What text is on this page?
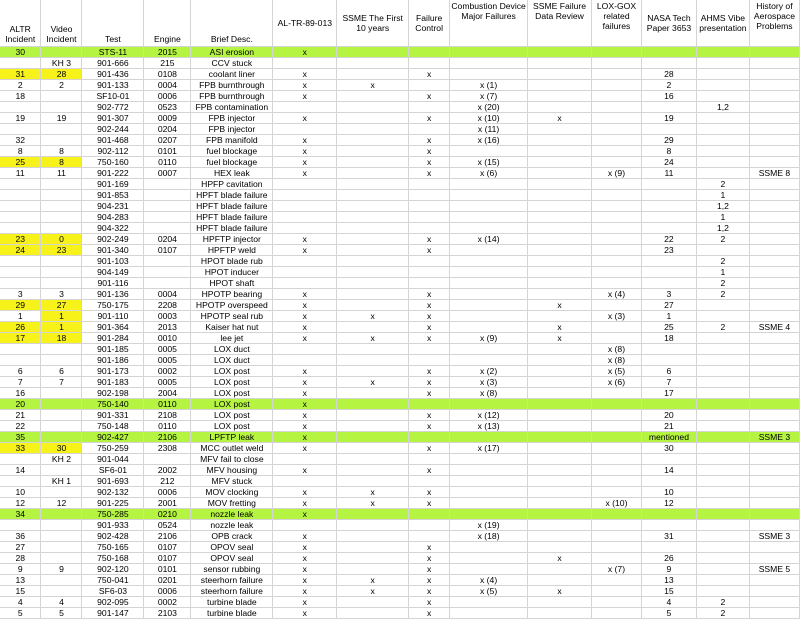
ALTR Incident	Video Incident	Test	Engine	Brief Desc.	AL-TR-89-013	SSME The First 10 years	Failure Control	Combustion Device Major Failures	SSME Failure Data Review	LOX-GOX related failures	NASA Tech Paper 3653	AHMS Vibe presentation	History of Aerospace Problems
30		STS-11	2015	ASI erosion	x								
	KH 3	901-666	215	CCV stuck									
31	28	901-436	0108	coolant liner	x		x				28		
2	2	901-133	0004	FPB burnthrough	x	x		x (1)			2		
18		SF10-01	0006	FPB burnthrough	x		x	x (7)			16		
		902-772	0523	FPB contamination				x (20)				1,2	
19	19	901-307	0009	FPB injector	x		x	x (10)	x		19		
		902-244	0204	FPB injector				x (11)					
32		901-468	0207	FPB manifold	x		x	x (16)			29		
8	8	902-112	0101	fuel blockage	x		x				8		
25	8	750-160	0110	fuel blockage	x		x	x (15)			24		
11	11	901-222	0007	HEX leak	x		x	x (6)		x (9)	11		SSME 8
		901-169		HPFP cavitation								2	
		901-853		HPFT blade failure								1	
		904-231		HPFT blade failure								1,2	
		904-283		HPFT blade failure								1	
		904-322		HPFT blade failure								1,2	
23	0	902-249	0204	HPFTP injector	x		x	x (14)			22	2	
24	23	901-340	0107	HPFTP weld	x		x				23		
		901-103		HPOT blade rub								2	
		904-149		HPOT inducer								1	
		901-116		HPOT shaft								2	
3	3	901-136	0004	HPOTP bearing	x		x			x (4)	3	2	
29	27	750-175	2208	HPOTP overspeed	x		x		x		27		
1	1	901-110	0003	HPOTP seal rub	x	x	x			x (3)	1		
26	1	901-364	2013	Kaiser hat nut	x		x		x		25	2	SSME 4
17	18	901-284	0010	lee jet	x	x	x	x (9)	x		18		
		901-185	0005	LOX duct						x (8)			
		901-186	0005	LOX duct						x (8)			
6	6	901-173	0002	LOX post	x		x	x (2)		x (5)	6		
7	7	901-183	0005	LOX post	x	x	x	x (3)		x (6)	7		
16		902-198	2004	LOX post	x		x	x (8)			17		
20		750-140	0110	LOX post	x								
21		901-331	2108	LOX post	x		x	x (12)			20		
22		750-148	0110	LOX post	x		x	x (13)			21		
35		902-427	2106	LPFTP leak	x						mentioned		SSME 3
33	30	750-259	2308	MCC outlet weld	x		x	x (17)			30		
	KH 2	901-044		MFV fail to close									
14		SF6-01	2002	MFV housing	x		x				14		
	KH 1	901-693	212	MFV stuck									
10		902-132	0006	MOV clocking	x	x	x				10		
12	12	901-225	2001	MOV fretting	x	x	x			x (10)	12		
34		750-285	0210	nozzle leak	x								
		901-933	0524	nozzle leak				x (19)					
36		902-428	2106	OPB crack	x			x (18)			31		SSME 3
27		750-165	0107	OPOV seal	x		x						
28		750-168	0107	OPOV seal	x		x		x		26		
9	9	902-120	0101	sensor rubbing	x		x			x (7)	9		SSME 5
13		750-041	0201	steerhorn failure	x	x	x	x (4)			13		
15		SF6-03	0006	steerhorn failure	x	x	x	x (5)	x		15		
4	4	902-095	0002	turbine blade	x		x				4	2	
5	5	901-147	2103	turbine blade	x		x				5	2	
